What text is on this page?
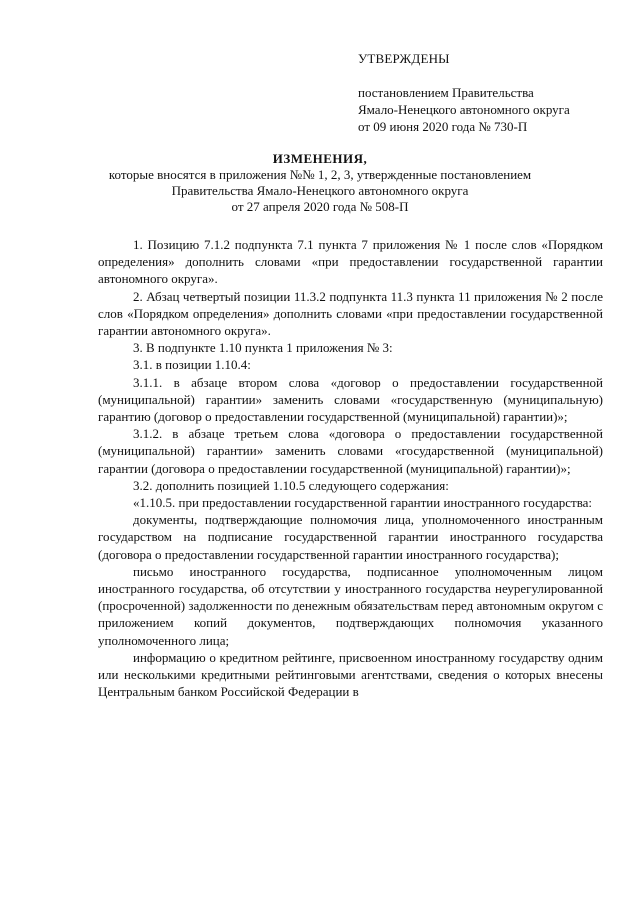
УТВЕРЖДЕНЫ
постановлением Правительства
Ямало-Ненецкого автономного округа
от 09 июня 2020 года № 730-П
ИЗМЕНЕНИЯ,
которые вносятся в приложения №№ 1, 2, 3, утвержденные постановлением
Правительства Ямало-Ненецкого автономного округа
от 27 апреля 2020 года № 508-П

1. Позицию 7.1.2 подпункта 7.1 пункта 7 приложения № 1 после слов «Порядком определения» дополнить словами «при предоставлении государственной гарантии автономного округа».

2. Абзац четвертый позиции 11.3.2 подпункта 11.3 пункта 11 приложения № 2 после слов «Порядком определения» дополнить словами «при предоставлении государственной гарантии автономного округа».

3. В подпункте 1.10 пункта 1 приложения № 3:

3.1. в позиции 1.10.4:

3.1.1. в абзаце втором слова «договор о предоставлении государственной (муниципальной) гарантии» заменить словами «государственную (муниципальную) гарантию (договор о предоставлении государственной (муниципальной) гарантии)»;

3.1.2. в абзаце третьем слова «договора о предоставлении государственной (муниципальной) гарантии» заменить словами «государственной (муниципальной) гарантии (договора о предоставлении государственной (муниципальной) гарантии)»;

3.2. дополнить позицией 1.10.5 следующего содержания:

«1.10.5. при предоставлении государственной гарантии иностранного государства:

документы, подтверждающие полномочия лица, уполномоченного иностранным государством на подписание государственной гарантии иностранного государства (договора о предоставлении государственной гарантии иностранного государства);

письмо иностранного государства, подписанное уполномоченным лицом иностранного государства, об отсутствии у иностранного государства неурегулированной (просроченной) задолженности по денежным обязательствам перед автономным округом с приложением копий документов, подтверждающих полномочия указанного уполномоченного лица;

информацию о кредитном рейтинге, присвоенном иностранному государству одним или несколькими кредитными рейтинговыми агентствами, сведения о которых внесены Центральным банком Российской Федерации в
